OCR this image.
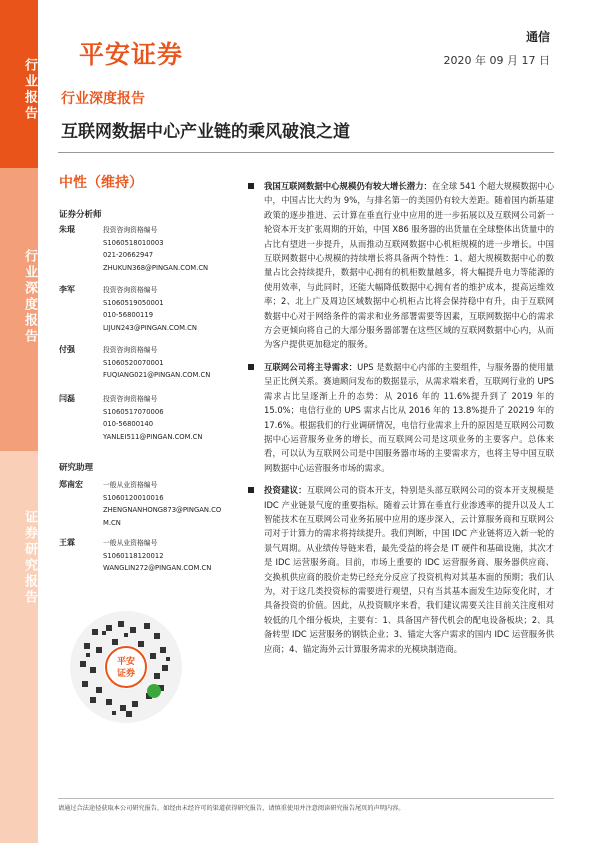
行业报告
行业深度报告
证券研究报告
平安证券
通信
2020 年 09 月 17 日
行业深度报告
互联网数据中心产业链的乘风破浪之道
中性（维持）
证券分析师
朱琨	投资咨询资格编号
S1060518010003
021-20662947
ZHUKUN368@PINGAN.COM.CN
李军	投资咨询资格编号
S1060519050001
010-56800119
LIJUN243@PINGAN.COM.CN
付强	投资咨询资格编号
S1060520070001
FUQIANG021@PINGAN.COM.CN
闫磊	投资咨询资格编号
S1060517070006
010-56800140
YANLEI511@PINGAN.COM.CN
研究助理
郑南宏	一般从业资格编号
S1060120010016
ZHENGNANHONG873@PINGAN.COM.CN
王霖	一般从业资格编号
S1060118120012
WANGLIN272@PINGAN.COM.CN
平安
证券

我国互联网数据中心规模仍有较大增长潜力：在全球 541 个超大规模数据中心中，中国占比大约为 9%，与排名第一的美国仍有较大差距。随着国内新基建政策的逐步推进、云计算在垂直行业中应用的进一步拓展以及互联网公司新一轮资本开支扩张周期的开始，中国 X86 服务器的出货量在全球整体出货量中的占比有望进一步提升，从而推动互联网数据中心机柜规模的进一步增长。中国互联网数据中心规模的持续增长将具备两个特性：1、超大规模数据中心的数量占比会持续提升，数据中心拥有的机柜数量越多，将大幅提升电力等能源的使用效率，与此同时，还能大幅降低数据中心拥有者的维护成本，提高运维效率；2、北上广及周边区域数据中心机柜占比将会保持稳中有升，由于互联网数据中心对于网络条件的需求和业务部署需要等因素，互联网数据中心的需求方会更倾向将自己的大部分服务器部署在这些区域的互联网数据中心内，从而为客户提供更加稳定的服务。

互联网公司将主导需求：UPS 是数据中心内部的主要组件，与服务器的使用量呈正比例关系。赛迪顾问发布的数据显示，从需求端来看，互联网行业的 UPS 需求占比呈逐渐上升的态势：从 2016 年的 11.6%提升到了 2019 年的 15.0%；电信行业的 UPS 需求占比从 2016 年的 13.8%提升了 20219 年的 17.6%。根据我们的行业调研情况，电信行业需求上升的原因是互联网公司数据中心运营服务业务的增长，而互联网公司是这项业务的主要客户。总体来看，可以认为互联网公司是中国服务器市场的主要需求方，也将主导中国互联网数据中心运营服务市场的需求。

投资建议：互联网公司的资本开支，特别是头部互联网公司的资本开支规模是 IDC 产业链景气度的重要指标。随着云计算在垂直行业渗透率的提升以及人工智能技术在互联网公司业务拓展中应用的逐步深入，云计算服务商和互联网公司对于计算力的需求将持续提升。我们判断，中国 IDC 产业链将迈入新一轮的景气周期。从业绩传导链来看，最先受益的将会是 IT 硬件和基础设施，其次才是 IDC 运营服务商。目前，市场上重要的 IDC 运营服务商、服务器供应商、交换机供应商的股价走势已经充分反应了投资机构对其基本面的预期；我们认为，对于这几类投资标的需要进行观望，只有当其基本面发生边际变化时，才具备投资的价值。因此，从投资顺序来看，我们建议需要关注目前关注度相对较低的几个细分板块，主要有：1、具备国产替代机会的配电设备板块；2、具备转型 IDC 运营服务的钢铁企业；3、锚定大客户需求的国内 IDC 运营服务供应商；4、锚定海外云计算服务需求的光模块制造商。

请通过合法途径获取本公司研究报告，如经由未经许可的渠道获得研究报告，请慎重使用并注意阅读研究报告尾页的声明内容。
